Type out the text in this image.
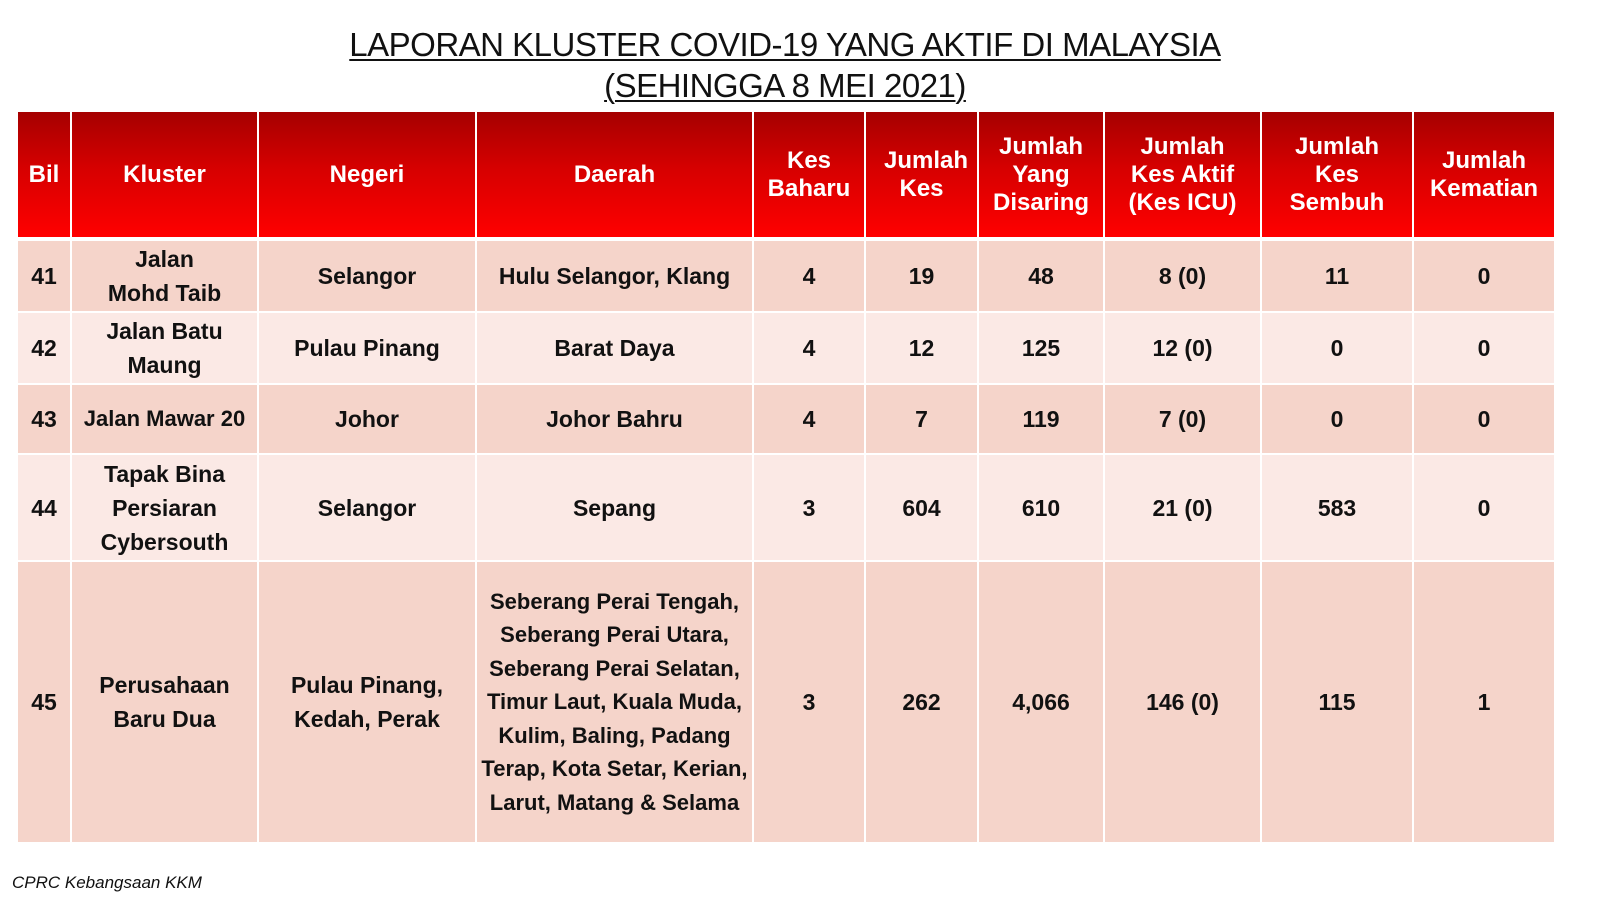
LAPORAN KLUSTER COVID-19 YANG AKTIF DI MALAYSIA
(SEHINGGA 8 MEI 2021)
Bil	Kluster	Negeri	Daerah	Kes Baharu	Jumlah Kes	Jumlah Yang Disaring	Jumlah Kes Aktif (Kes ICU)	Jumlah Kes Sembuh	Jumlah Kematian
41	Jalan Mohd Taib	Selangor	Hulu Selangor, Klang	4	19	48	8 (0)	11	0
42	Jalan Batu Maung	Pulau Pinang	Barat Daya	4	12	125	12 (0)	0	0
43	Jalan Mawar 20	Johor	Johor Bahru	4	7	119	7 (0)	0	0
44	Tapak Bina Persiaran Cybersouth	Selangor	Sepang	3	604	610	21 (0)	583	0
45	Perusahaan Baru Dua	Pulau Pinang, Kedah, Perak	Seberang Perai Tengah, Seberang Perai Utara, Seberang Perai Selatan, Timur Laut, Kuala Muda, Kulim, Baling, Padang Terap, Kota Setar, Kerian, Larut, Matang & Selama	3	262	4,066	146 (0)	115	1
CPRC Kebangsaan KKM
